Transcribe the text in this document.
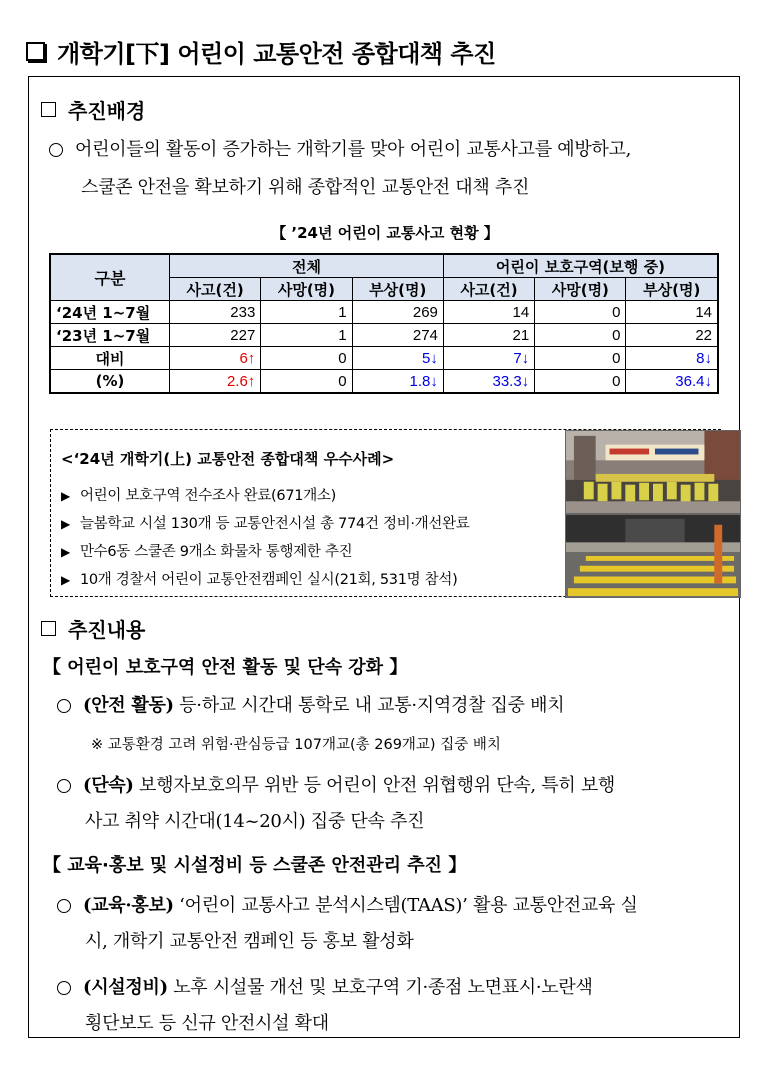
개학기[下] 어린이 교통안전 종합대책 추진
추진배경
어린이들의 활동이 증가하는 개학기를 맞아 어린이 교통사고를 예방하고,
스쿨존 안전을 확보하기 위해 종합적인 교통안전 대책 추진
【 ’24년 어린이 교통사고 현황 】
구분	전체			어린이 보호구역(보행 중)		
	사고(건)	사망(명)	부상(명)	사고(건)	사망(명)	부상(명)
‘24년 1~7월	233	1	269	14	0	14
‘23년 1~7월	227	1	274	21	0	22
대비	6↑	0	5↓	7↓	0	8↓
(%)	2.6↑	0	1.8↓	33.3↓	0	36.4↓
<‘24년 개학기(上) 교통안전 종합대책 우수사례>
▶ 어린이 보호구역 전수조사 완료(671개소)
▶ 늘봄학교 시설 130개 등 교통안전시설 총 774건 정비·개선완료
▶ 만수6동 스쿨존 9개소 화물차 통행제한 추진
▶ 10개 경찰서 어린이 교통안전캠페인 실시(21회, 531명 참석)
추진내용
【 어린이 보호구역 안전 활동 및 단속 강화 】
(안전 활동) 등·하교 시간대 통학로 내 교통·지역경찰 집중 배치
※ 교통환경 고려 위험·관심등급 107개교(총 269개교) 집중 배치
(단속) 보행자보호의무 위반 등 어린이 안전 위협행위 단속, 특히 보행
사고 취약 시간대(14~20시) 집중 단속 추진
【 교육·홍보 및 시설정비 등 스쿨존 안전관리 추진 】
(교육·홍보) ‘어린이 교통사고 분석시스템(TAAS)’ 활용 교통안전교육 실
시, 개학기 교통안전 캠페인 등 홍보 활성화
(시설정비) 노후 시설물 개선 및 보호구역 기·종점 노면표시·노란색
횡단보도 등 신규 안전시설 확대
